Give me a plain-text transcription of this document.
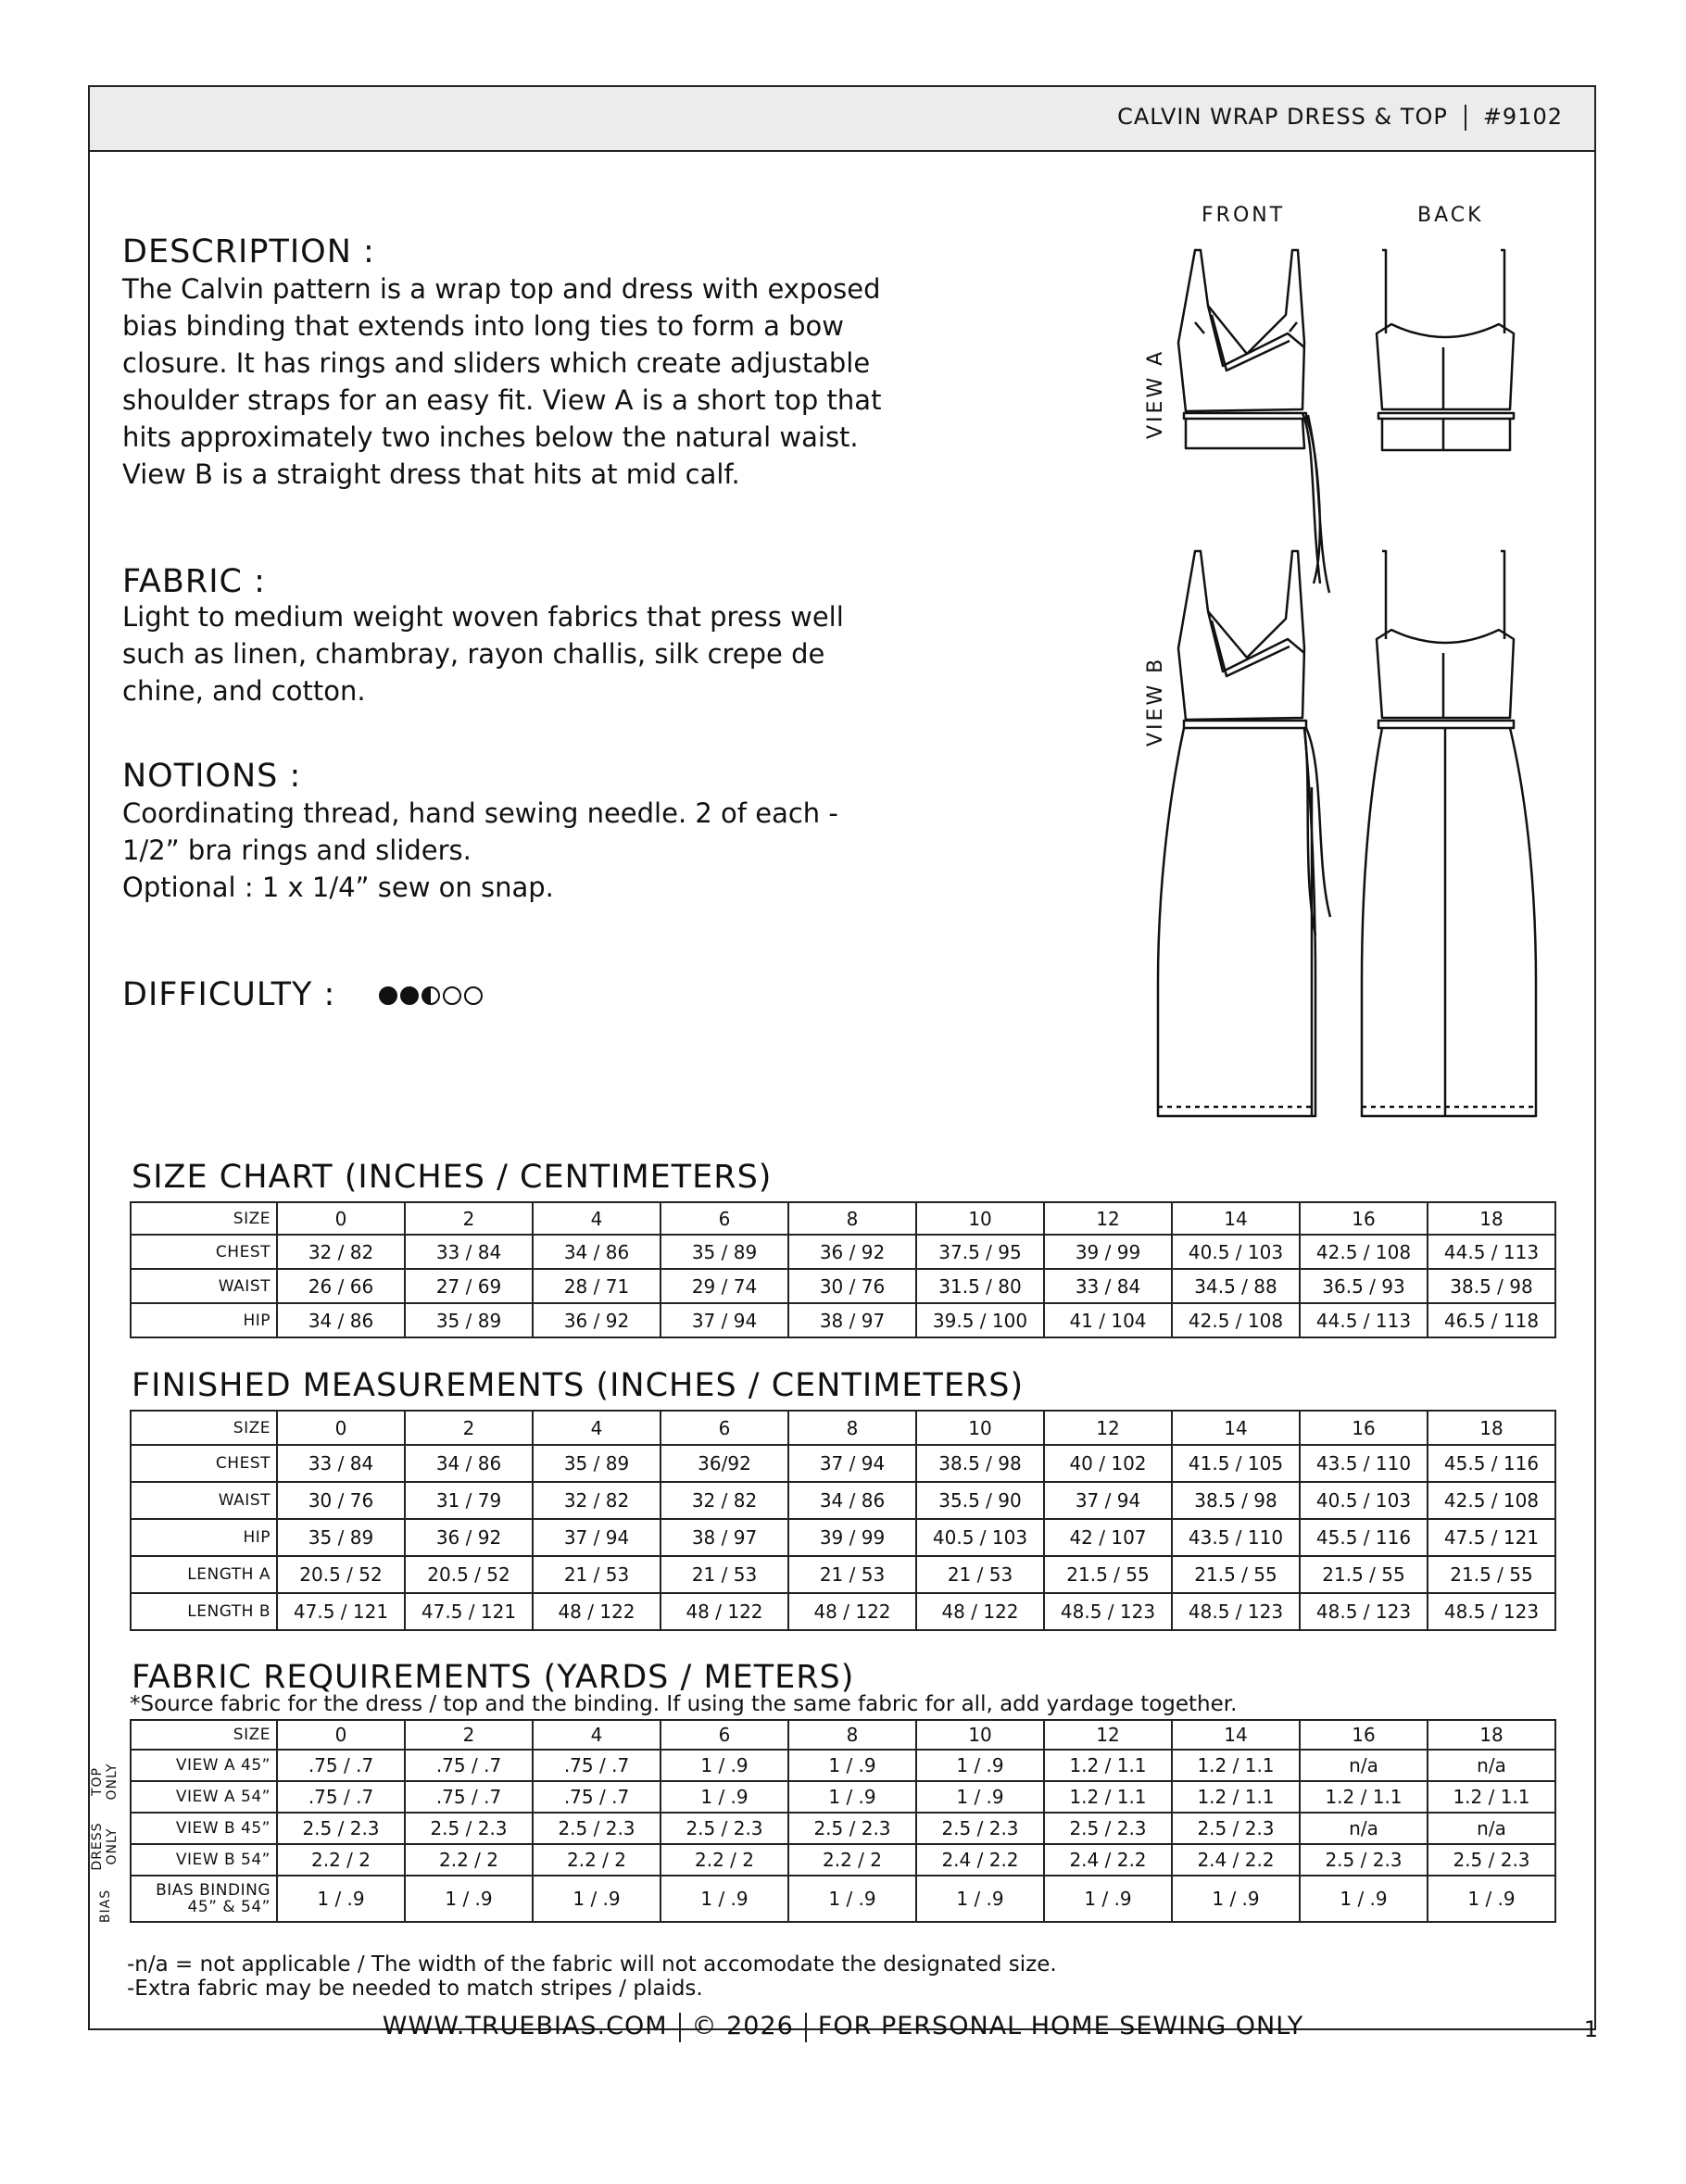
CALVIN WRAP DRESS & TOP #9102
DESCRIPTION :
The Calvin pattern is a wrap top and dress with exposed
bias binding that extends into long ties to form a bow
closure. It has rings and sliders which create adjustable
shoulder straps for an easy fit. View A is a short top that
hits approximately two inches below the natural waist.
View B is a straight dress that hits at mid calf.
FABRIC :
Light to medium weight woven fabrics that press well
such as linen, chambray, rayon challis, silk crepe de
chine, and cotton.
NOTIONS :
Coordinating thread, hand sewing needle. 2 of each -
1/2” bra rings and sliders.
Optional : 1 x 1/4” sew on snap.
DIFFICULTY :
FRONT	BACK
VIEW A
VIEW B
SIZE CHART (INCHES / CENTIMETERS)
SIZE	0	2	4	6	8	10	12	14	16	18
CHEST	32 / 82	33 / 84	34 / 86	35 / 89	36 / 92	37.5 / 95	39 / 99	40.5 / 103	42.5 / 108	44.5 / 113
WAIST	26 / 66	27 / 69	28 / 71	29 / 74	30 / 76	31.5 / 80	33 / 84	34.5 / 88	36.5 / 93	38.5 / 98
HIP	34 / 86	35 / 89	36 / 92	37 / 94	38 / 97	39.5 / 100	41 / 104	42.5 / 108	44.5 / 113	46.5 / 118
FINISHED MEASUREMENTS (INCHES / CENTIMETERS)
SIZE	0	2	4	6	8	10	12	14	16	18
CHEST	33 / 84	34 / 86	35 / 89	36/92	37 / 94	38.5 / 98	40 / 102	41.5 / 105	43.5 / 110	45.5 / 116
WAIST	30 / 76	31 / 79	32 / 82	32 / 82	34 / 86	35.5 / 90	37 / 94	38.5 / 98	40.5 / 103	42.5 / 108
HIP	35 / 89	36 / 92	37 / 94	38 / 97	39 / 99	40.5 / 103	42 / 107	43.5 / 110	45.5 / 116	47.5 / 121
LENGTH A	20.5 / 52	20.5 / 52	21 / 53	21 / 53	21 / 53	21 / 53	21.5 / 55	21.5 / 55	21.5 / 55	21.5 / 55
LENGTH B	47.5 / 121	47.5 / 121	48 / 122	48 / 122	48 / 122	48 / 122	48.5 / 123	48.5 / 123	48.5 / 123	48.5 / 123
FABRIC REQUIREMENTS (YARDS / METERS)
*Source fabric for the dress / top and the binding. If using the same fabric for all, add yardage together.
SIZE	0	2	4	6	8	10	12	14	16	18
VIEW A 45”	.75 / .7	.75 / .7	.75 / .7	1 / .9	1 / .9	1 / .9	1.2 / 1.1	1.2 / 1.1	n/a	n/a
VIEW A 54”	.75 / .7	.75 / .7	.75 / .7	1 / .9	1 / .9	1 / .9	1.2 / 1.1	1.2 / 1.1	1.2 / 1.1	1.2 / 1.1
VIEW B 45”	2.5 / 2.3	2.5 / 2.3	2.5 / 2.3	2.5 / 2.3	2.5 / 2.3	2.5 / 2.3	2.5 / 2.3	2.5 / 2.3	n/a	n/a
VIEW B 54”	2.2 / 2	2.2 / 2	2.2 / 2	2.2 / 2	2.2 / 2	2.4 / 2.2	2.4 / 2.2	2.4 / 2.2	2.5 / 2.3	2.5 / 2.3
BIAS BINDING
45” & 54”	1 / .9	1 / .9	1 / .9	1 / .9	1 / .9	1 / .9	1 / .9	1 / .9	1 / .9	1 / .9
TOP
ONLY
DRESS
ONLY
BIAS
-n/a = not applicable / The width of the fabric will not accomodate the designated size.
-Extra fabric may be needed to match stripes / plaids.
WWW.TRUEBIAS.COM © 2026 FOR PERSONAL HOME SEWING ONLY	1
